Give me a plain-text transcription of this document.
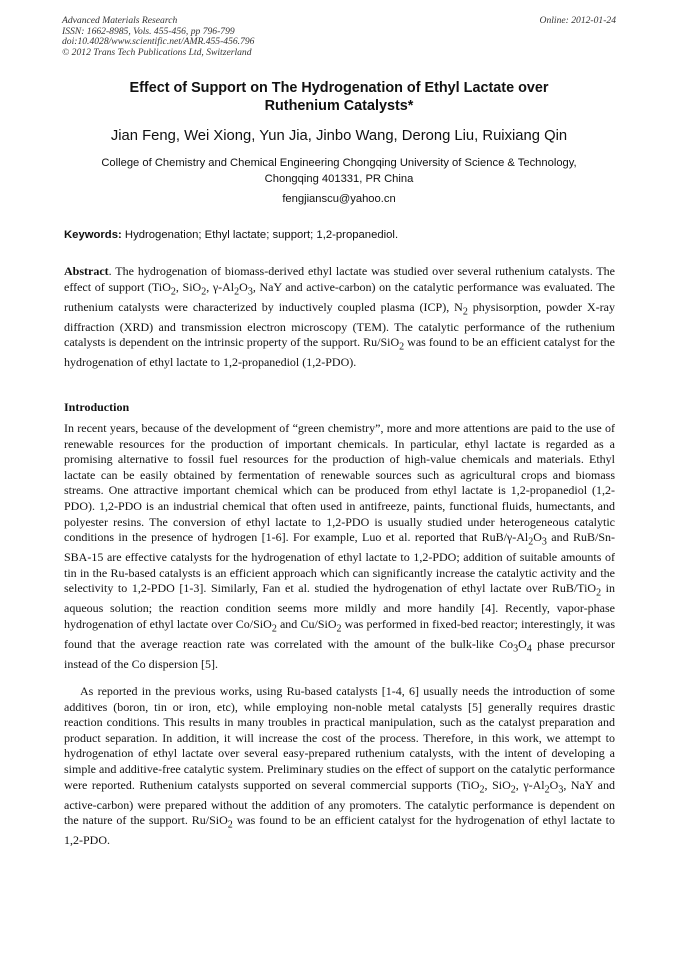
Advanced Materials Research
ISSN: 1662-8985, Vols. 455-456, pp 796-799
doi:10.4028/www.scientific.net/AMR.455-456.796
© 2012 Trans Tech Publications Ltd, Switzerland
Online: 2012-01-24
Effect of Support on The Hydrogenation of Ethyl Lactate over
Ruthenium Catalysts*
Jian Feng, Wei Xiong, Yun Jia, Jinbo Wang, Derong Liu, Ruixiang Qin
College of Chemistry and Chemical Engineering Chongqing University of Science & Technology,
Chongqing 401331, PR China
fengjianscu@yahoo.cn
Keywords: Hydrogenation; Ethyl lactate; support; 1,2-propanediol.

Abstract. The hydrogenation of biomass-derived ethyl lactate was studied over several ruthenium catalysts. The effect of support (TiO$_2$, SiO$_2$, $\gamma-Al_2O_3$, NaY and active-carbon) on the catalytic performance was evaluated. The ruthenium catalysts were characterized by inductively coupled plasma (ICP), $N_2$ physisorption, powder X-ray diffraction (XRD) and transmission electron microscopy (TEM). The catalytic performance of the ruthenium catalysts is dependent on the intrinsic property of the support. Ru/SiO$_2$ was found to be an efficient catalyst for the hydrogenation of ethyl lactate to 1,2-propanediol (1,2-PDO).

Introduction

In recent years, because of the development of “green chemistry”, more and more attentions are paid to the use of renewable resources for the production of important chemicals. In particular, ethyl lactate is regarded as a promising alternative to fossil fuel resources for the production of high-value chemicals and materials. Ethyl lactate can be easily obtained by fermentation of renewable sources such as agricultural crops and biomass streams. One attractive important chemical which can be produced from ethyl lactate is 1,2-propanediol (1,2-PDO). 1,2-PDO is an industrial chemical that often used in antifreeze, paints, functional fluids, humectants, and polyester resins. The conversion of ethyl lactate to 1,2-PDO is usually studied under heterogeneous catalytic conditions in the presence of hydrogen [1-6]. For example, Luo et al. reported that RuB/$\gamma-Al_2O_3$ and RuB/Sn-SBA-15 are effective catalysts for the hydrogenation of ethyl lactate to 1,2-PDO; addition of suitable amounts of tin in the Ru-based catalysts is an efficient approach which can significantly increase the catalytic activity and the selectivity to 1,2-PDO [1-3]. Similarly, Fan et al. studied the hydrogenation of ethyl lactate over RuB/TiO$_2$ in aqueous solution; the reaction condition seems more mildly and more handily [4]. Recently, vapor-phase hydrogenation of ethyl lactate over Co/SiO$_2$ and Cu/SiO$_2$ was performed in fixed-bed reactor; interestingly, it was found that the average reaction rate was correlated with the amount of the bulk-like $Co_3O_4$ phase precursor instead of the Co dispersion [5].

As reported in the previous works, using Ru-based catalysts [1-4, 6] usually needs the introduction of some additives (boron, tin or iron, etc), while employing non-noble metal catalysts [5] generally requires drastic reaction conditions. This results in many troubles in practical manipulation, such as the catalyst preparation and product separation. In addition, it will increase the cost of the process. Therefore, in this work, we attempt to hydrogenation of ethyl lactate over several easy-prepared ruthenium catalysts, with the intent of developing a simple and additive-free catalytic system. Preliminary studies on the effect of support on the catalytic performance were reported. Ruthenium catalysts supported on several commercial supports (TiO$_2$, SiO$_2$, $\gamma-Al_2O_3$, NaY and active-carbon) were prepared without the addition of any promoters. The catalytic performance is dependent on the nature of the support. Ru/SiO$_2$ was found to be an efficient catalyst for the hydrogenation of ethyl lactate to 1,2-PDO.
